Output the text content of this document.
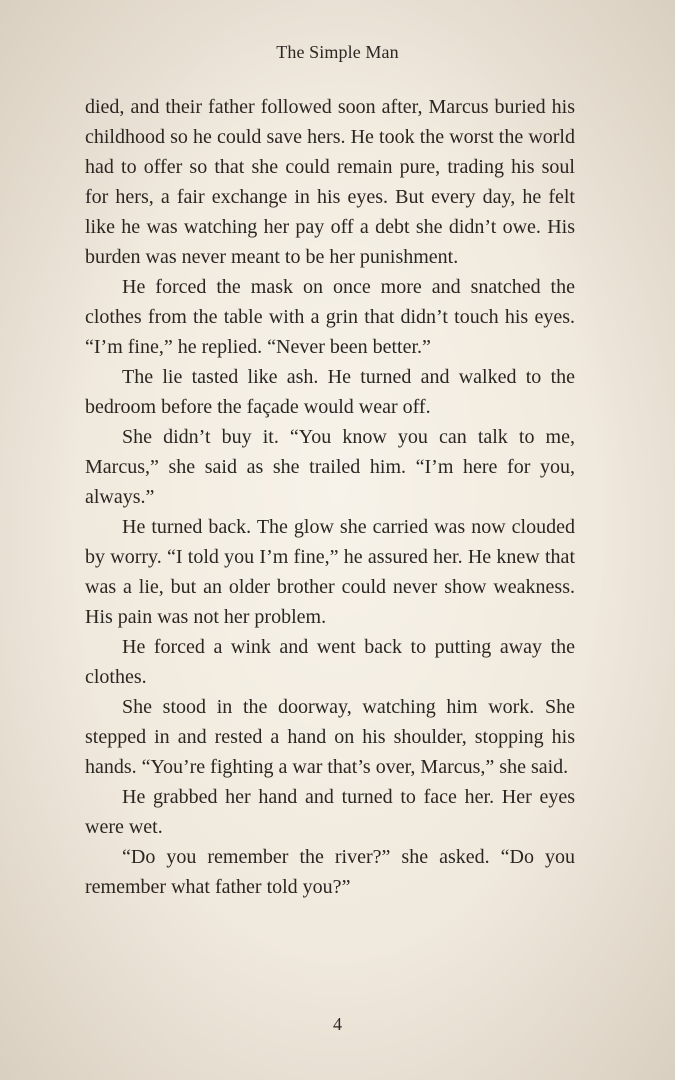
The Simple Man

died, and their father followed soon after, Marcus buried his childhood so he could save hers. He took the worst the world had to offer so that she could remain pure, trading his soul for hers, a fair exchange in his eyes. But every day, he felt like he was watching her pay off a debt she didn’t owe. His burden was never meant to be her punishment.

He forced the mask on once more and snatched the clothes from the table with a grin that didn’t touch his eyes. “I’m fine,” he replied. “Never been better.”

The lie tasted like ash. He turned and walked to the bedroom before the façade would wear off.

She didn’t buy it. “You know you can talk to me, Marcus,” she said as she trailed him. “I’m here for you, always.”

He turned back. The glow she carried was now clouded by worry. “I told you I’m fine,” he assured her. He knew that was a lie, but an older brother could never show weakness. His pain was not her problem.

He forced a wink and went back to putting away the clothes.

She stood in the doorway, watching him work. She stepped in and rested a hand on his shoulder, stopping his hands. “You’re fighting a war that’s over, Marcus,” she said.

He grabbed her hand and turned to face her. Her eyes were wet.

“Do you remember the river?” she asked. “Do you remember what father told you?”

4
